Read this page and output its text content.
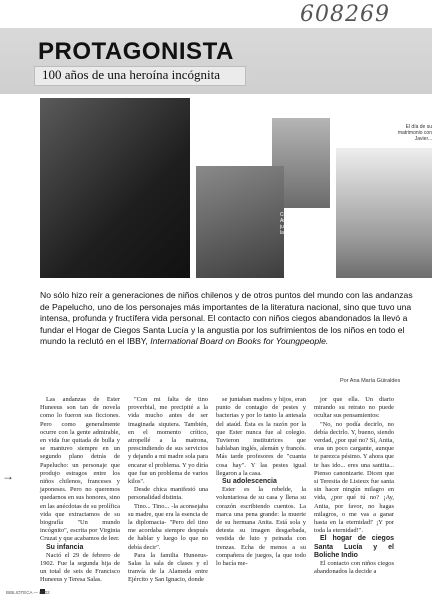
608269
PROTAGONISTA
100 años de una heroína incógnita
Con su hermana Anita, compañera de juegos que murió en la adolescencia.
El día de su matrimonio con Javier...
No sólo hizo reír a generaciones de niños chilenos y de otros puntos del mundo con las andanzas de Papelucho, uno de los personajes más importantes de la literatura nacional, sino que tuvo una intensa, profunda y fructífera vida personal. El contacto con niños ciegos abandonados la llevó a fundar el Hogar de Ciegos Santa Lucía y la angustia por los sufrimientos de los niños en todo el mundo la reclutó en el IBBY, International Board on Books for Youngpeople.
Por Ana María Güiraldes

Las andanzas de Ester Huneeus son tan de novela como lo fueron sus ficciones. Pero como generalmente ocurre con la gente admirable, en vida fue quitada de bulla y se mantuvo siempre en un segundo plano detrás de Papelucho: un personaje que produjo estragos entre los niños chilenos, franceses y japoneses. Pero no queremos quedarnos en sus honores, sino en las anécdotas de su prolífica vida que extractamos de su biografía "Un mundo incógnito", escrita por Virginia Cruzat y que acabamos de leer.

Su infancia

Nació el 29 de febrero de 1902. Fue la segunda hija de un total de seis de Francisco Huneeus y Teresa Salas.

"Con mi falta de tino proverbial, me precipité a la vida mucho antes de ser imaginada siquiera. También, en el momento crítico, atropellé a la matrona, prescindiendo de sus servicios y dejando a mi madre sola para encarar el problema. Y yo diría que fue un problema de varios kilos".

Desde chica manifestó una personalidad distinta.

Tino... Tino... -la aconsejaba su madre, que era la esencia de la diplomacia- "Pero del tino me acordaba siempre después de hablar y luego lo que no debía decir".

Para la familia Huneeus-Salas la sala de clases y el tranvía de la Alameda entre Ejército y San Ignacio, donde

se juntaban madres y hijos, eran punto de contagio de pestes y bacterias y por lo tanto la antesala del ataúd. Ésta es la razón por la que Ester nunca fue al colegio. Tuvieron institutrices que hablaban inglés, alemán y francés. Más tarde profesores de "cuanta cosa hay". Y las pestes igual llegaron a la casa.

Su adolescencia

Ester es la rebelde, la voluntariosa de su casa y llena su corazón escribiendo cuentos. La marca una pena grande: la muerte de su hermana Anita. Está sola y detesta su imagen desgarbada, vestida de luto y peinada con trenzas. Echa de menos a su compañera de juegos, la que todo lo hacía me-

jor que ella. Un diario mirando su retrato no puede ocultar sus pensamientos:

"No, no podía decirlo, no debía decirlo. Y, bueno, siendo verdad, ¿por qué no? Sí, Anita, eras un poco cargante, aunque te parezca pésimo. Y ahora que te has ido... eres una santita... Pienso canonizarte. Dicen que si Teresita de Lisieux fue santa sin hacer ningún milagro en vida, ¿por qué tú no? ¡Ay, Anita, por favor, no hagas milagros, o me vas a ganar hasta en la eternidad!' ¡Y por toda la eternidad!".

El hogar de ciegos Santa Lucía y el Boliche Indio

El contacto con niños ciegos abandonados la decide a

→
BIBLIOTECA — nº 02
